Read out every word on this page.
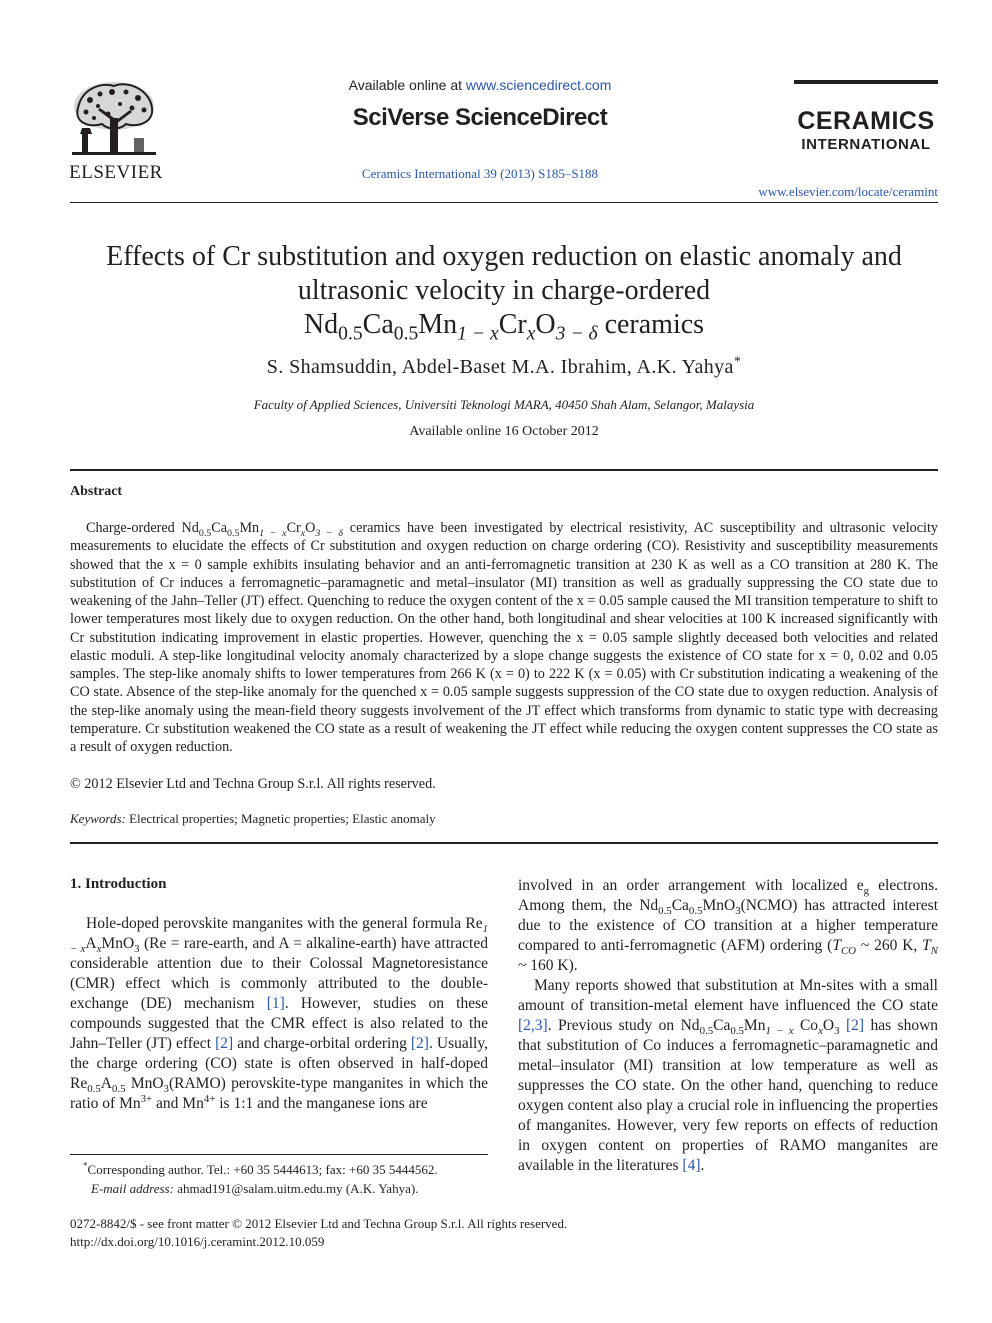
ELSEVIER
Available online at www.sciencedirect.com
SciVerse ScienceDirect
Ceramics International 39 (2013) S185–S188
CERAMICS
INTERNATIONAL
www.elsevier.com/locate/ceramint
Effects of Cr substitution and oxygen reduction on elastic anomaly and
ultrasonic velocity in charge-ordered
$Nd_{0.5}Ca_{0.5}Mn_{1 - x}Cr_xO_{3 - \delta}$ ceramics
S. Shamsuddin, Abdel-Baset M.A. Ibrahim, A.K. Yahya*
Faculty of Applied Sciences, Universiti Teknologi MARA, 40450 Shah Alam, Selangor, Malaysia
Available online 16 October 2012
Abstract
Charge-ordered $Nd_{0.5}Ca_{0.5}Mn_{1 - x}Cr_xO_{3 - \delta}$ ceramics have been investigated by electrical resistivity, AC susceptibility and ultrasonic velocity measurements to elucidate the effects of Cr substitution and oxygen reduction on charge ordering (CO). Resistivity and susceptibility measurements showed that the x = 0 sample exhibits insulating behavior and an anti-ferromagnetic transition at 230 K as well as a CO transition at 280 K. The substitution of Cr induces a ferromagnetic–paramagnetic and metal–insulator (MI) transition as well as gradually suppressing the CO state due to weakening of the Jahn–Teller (JT) effect. Quenching to reduce the oxygen content of the x = 0.05 sample caused the MI transition temperature to shift to lower temperatures most likely due to oxygen reduction. On the other hand, both longitudinal and shear velocities at 100 K increased significantly with Cr substitution indicating improvement in elastic properties. However, quenching the x = 0.05 sample slightly deceased both velocities and related elastic moduli. A step-like longitudinal velocity anomaly characterized by a slope change suggests the existence of CO state for x = 0, 0.02 and 0.05 samples. The step-like anomaly shifts to lower temperatures from 266 K (x = 0) to 222 K (x = 0.05) with Cr substitution indicating a weakening of the CO state. Absence of the step-like anomaly for the quenched x = 0.05 sample suggests suppression of the CO state due to oxygen reduction. Analysis of the step-like anomaly using the mean-field theory suggests involvement of the JT effect which transforms from dynamic to static type with decreasing temperature. Cr substitution weakened the CO state as a result of weakening the JT effect while reducing the oxygen content suppresses the CO state as a result of oxygen reduction.
© 2012 Elsevier Ltd and Techna Group S.r.l. All rights reserved.
Keywords: Electrical properties; Magnetic properties; Elastic anomaly
1. Introduction
Hole-doped perovskite manganites with the general formula $Re_{1 - x}A_xMnO_3$ (Re = rare-earth, and A = alkaline-earth) have attracted considerable attention due to their Colossal Magnetoresistance (CMR) effect which is commonly attributed to the double-exchange (DE) mechanism [1]. However, studies on these compounds suggested that the CMR effect is also related to the Jahn–Teller (JT) effect [2] and charge-orbital ordering [2]. Usually, the charge ordering (CO) state is often observed in half-doped $Re_{0.5}A_{0.5}$ MnO$_3$(RAMO) perovskite-type manganites in which the ratio of $Mn^{3+}$ and $Mn^{4+}$ is 1:1 and the manganese ions are
involved in an order arrangement with localized $e_g$ electrons. Among them, the $Nd_{0.5}Ca_{0.5}MnO_3(NCMO)$ has attracted interest due to the existence of CO transition at a higher temperature compared to anti-ferromagnetic (AFM) ordering ($T_{CO}$ ~ 260 K, $T_N$ ~ 160 K).
Many reports showed that substitution at Mn-sites with a small amount of transition-metal element have influenced the CO state [2,3]. Previous study on $Nd_{0.5}Ca_{0.5}Mn_{1 - x}$ $Co_xO_3$ [2] has shown that substitution of Co induces a ferromagnetic–paramagnetic and metal–insulator (MI) transition at low temperature as well as suppresses the CO state. On the other hand, quenching to reduce oxygen content also play a crucial role in influencing the properties of manganites. However, very few reports on effects of reduction in oxygen content on properties of RAMO manganites are available in the literatures [4].
*Corresponding author. Tel.: +60 35 5444613; fax: +60 35 5444562.
E-mail address: ahmad191@salam.uitm.edu.my (A.K. Yahya).
0272-8842/$ - see front matter © 2012 Elsevier Ltd and Techna Group S.r.l. All rights reserved.
http://dx.doi.org/10.1016/j.ceramint.2012.10.059
